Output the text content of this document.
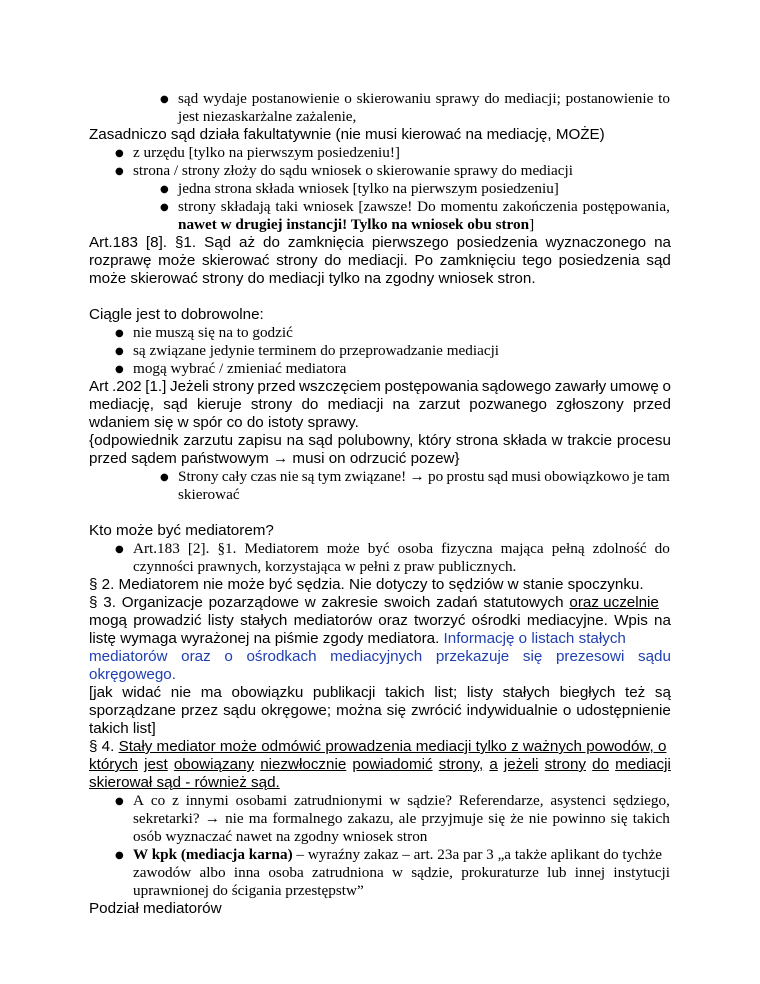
● sąd wydaje postanowienie o skierowaniu sprawy do mediacji; postanowienie to
jest niezaskarżalne zażalenie,
Zasadniczo sąd działa fakultatywnie (nie musi kierować na mediację, MOŻE)
● z urzędu [tylko na pierwszym posiedzeniu!]
● strona / strony złoży do sądu wniosek o skierowanie sprawy do mediacji
● jedna strona składa wniosek [tylko na pierwszym posiedzeniu]
● strony składają taki wniosek [zawsze! Do momentu zakończenia postępowania,
nawet w drugiej instancji! Tylko na wniosek obu stron]
Art.183 [8]. §1. Sąd aż do zamknięcia pierwszego posiedzenia wyznaczonego na
rozprawę może skierować strony do mediacji. Po zamknięciu tego posiedzenia sąd
może skierować strony do mediacji tylko na zgodny wniosek stron.
Ciągle jest to dobrowolne:
● nie muszą się na to godzić
● są związane jedynie terminem do przeprowadzanie mediacji
● mogą wybrać / zmieniać mediatora
Art .202 [1.] Jeżeli strony przed wszczęciem postępowania sądowego zawarły umowę o
mediację, sąd kieruje strony do mediacji na zarzut pozwanego zgłoszony przed
wdaniem się w spór co do istoty sprawy.
{odpowiednik zarzutu zapisu na sąd polubowny, który strona składa w trakcie procesu
przed sądem państwowym → musi on odrzucić pozew}
● Strony cały czas nie są tym związane! → po prostu sąd musi obowiązkowo je tam
skierować
Kto może być mediatorem?
● Art.183 [2]. §1. Mediatorem może być osoba fizyczna mająca pełną zdolność do
czynności prawnych, korzystająca w pełni z praw publicznych.
§ 2. Mediatorem nie może być sędzia. Nie dotyczy to sędziów w stanie spoczynku.
§ 3. Organizacje pozarządowe w zakresie swoich zadań statutowych oraz uczelnie
mogą prowadzić listy stałych mediatorów oraz tworzyć ośrodki mediacyjne. Wpis na
listę wymaga wyrażonej na piśmie zgody mediatora. Informację o listach stałych
mediatorów oraz o ośrodkach mediacyjnych przekazuje się prezesowi sądu
okręgowego.
[jak widać nie ma obowiązku publikacji takich list; listy stałych biegłych też są
sporządzane przez sądu okręgowe; można się zwrócić indywidualnie o udostępnienie
takich list]
§ 4. Stały mediator może odmówić prowadzenia mediacji tylko z ważnych powodów, o
których jest obowiązany niezwłocznie powiadomić strony, a jeżeli strony do mediacji
skierował sąd - również sąd.
● A co z innymi osobami zatrudnionymi w sądzie? Referendarze, asystenci sędziego,
sekretarki? → nie ma formalnego zakazu, ale przyjmuje się że nie powinno się takich
osób wyznaczać nawet na zgodny wniosek stron
● W kpk (mediacja karna) – wyraźny zakaz – art. 23a par 3 „a także aplikant do tychże
zawodów albo inna osoba zatrudniona w sądzie, prokuraturze lub innej instytucji
uprawnionej do ścigania przestępstw”
Podział mediatorów
